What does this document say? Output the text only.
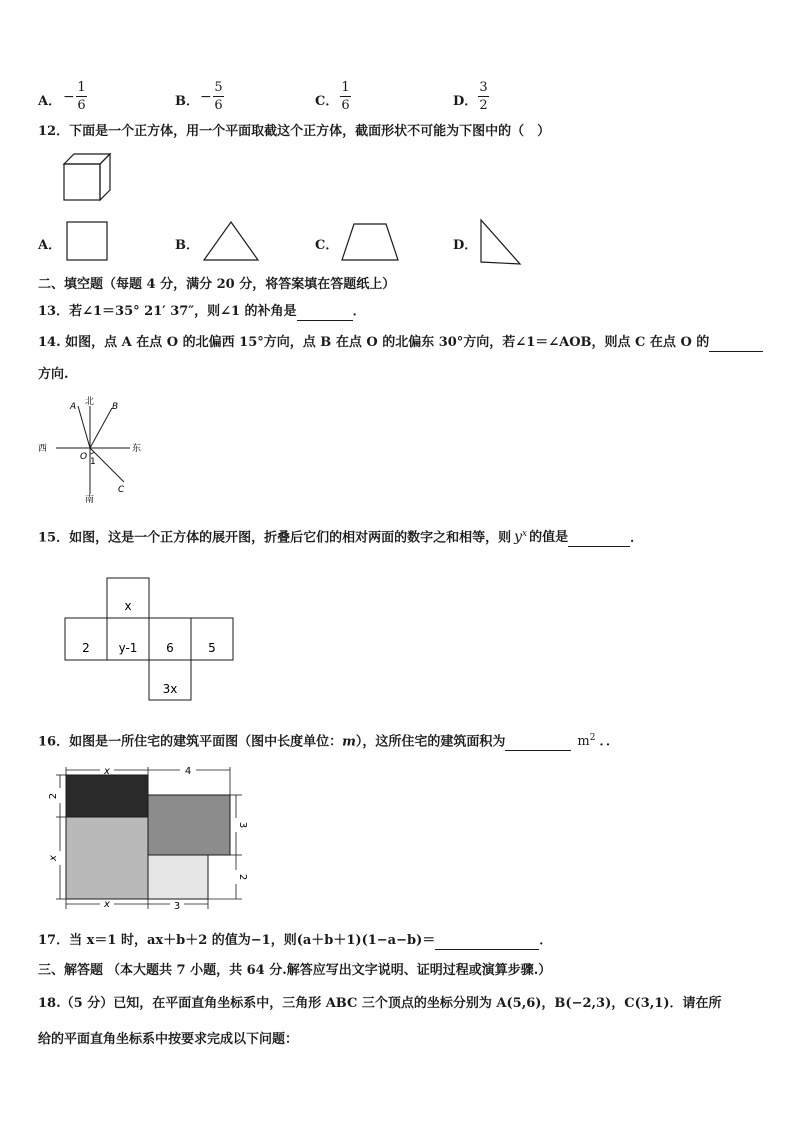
A． −
1
6	B． −
5
6	C．
1
6	D．
3
2
12．下面是一个正方体，用一个平面取截这个正方体，截面形状不可能为下图中的（　）
A．	B．	C．	D．
二、填空题（每题 4 分，满分 20 分，将答案填在答题纸上）
13．若∠1＝35° 21′ 37″，则∠1 的补角是	．
14. 如图，点 A 在点 O 的北偏西 15°方向，点 B 在点 O 的北偏东 30°方向，若∠1＝∠AOB，则点 C 在点 O 的
方向.
北
南
西	东
A	B
C
O 1
15．如图，这是一个正方体的展开图，折叠后它们的相对两面的数字之和相等，则 $y^x$ 的值是	．
x
2 y-1 6	5
3x
16．如图是一所住宅的建筑平面图（图中长度单位：m），这所住宅的建筑面积为	$m^2$ ．．
x	4
2
x
3
2
x	3
17．当 x＝1 时，ax＋b＋2 的值为−1，则(a＋b＋1)(1−a−b)＝	．
三、解答题 （本大题共 7 小题，共 64 分.解答应写出文字说明、证明过程或演算步骤.）
18.（5 分）已知，在平面直角坐标系中，三角形 ABC 三个顶点的坐标分别为 A(5,6)，B(−2,3)，C(3,1)．请在所
给的平面直角坐标系中按要求完成以下问题：
